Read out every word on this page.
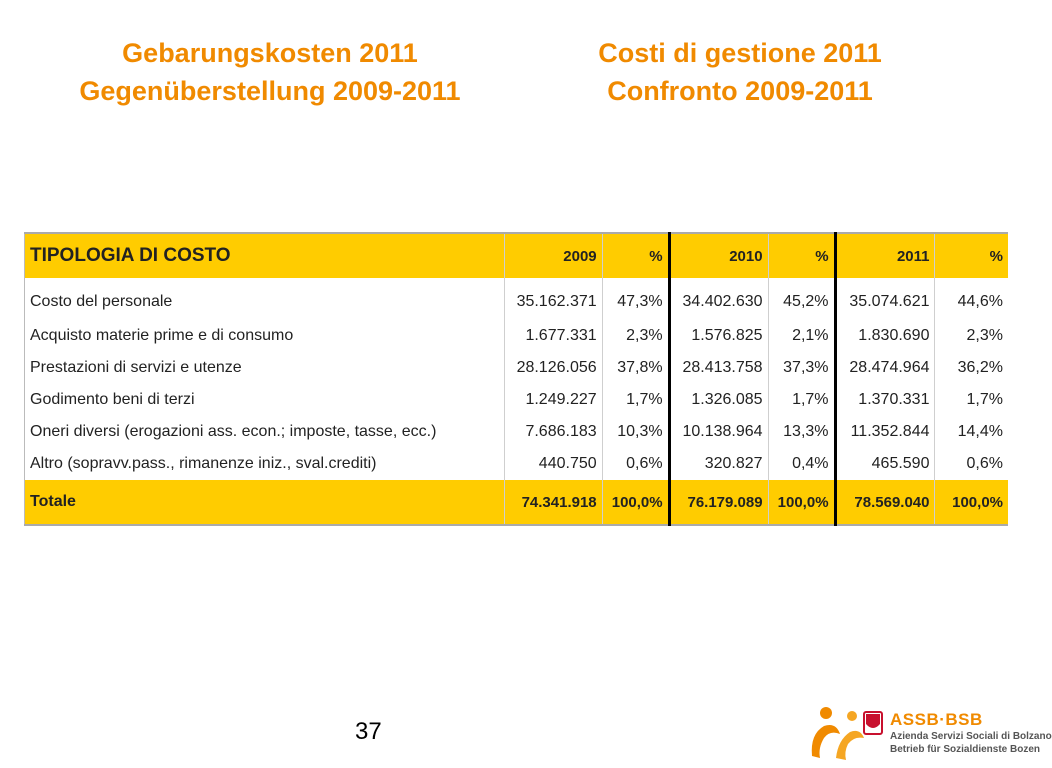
Gebarungskosten 2011
Gegenüberstellung 2009-2011
Costi di gestione 2011
Confronto 2009-2011
TIPOLOGIA DI COSTO	2009	%	2010	%	2011	%
Costo del personale	35.162.371	47,3%	34.402.630	45,2%	35.074.621	44,6%
Acquisto materie prime e di consumo	1.677.331	2,3%	1.576.825	2,1%	1.830.690	2,3%
Prestazioni di servizi e utenze	28.126.056	37,8%	28.413.758	37,3%	28.474.964	36,2%
Godimento beni di terzi	1.249.227	1,7%	1.326.085	1,7%	1.370.331	1,7%
Oneri diversi (erogazioni ass. econ.; imposte, tasse, ecc.)	7.686.183	10,3%	10.138.964	13,3%	11.352.844	14,4%
Altro (sopravv.pass., rimanenze iniz., sval.crediti)	440.750	0,6%	320.827	0,4%	465.590	0,6%
Totale	74.341.918	100,0%	76.179.089	100,0%	78.569.040	100,0%
37	ASSB·BSB
Azienda Servizi Sociali di Bolzano
Betrieb für Sozialdienste Bozen
